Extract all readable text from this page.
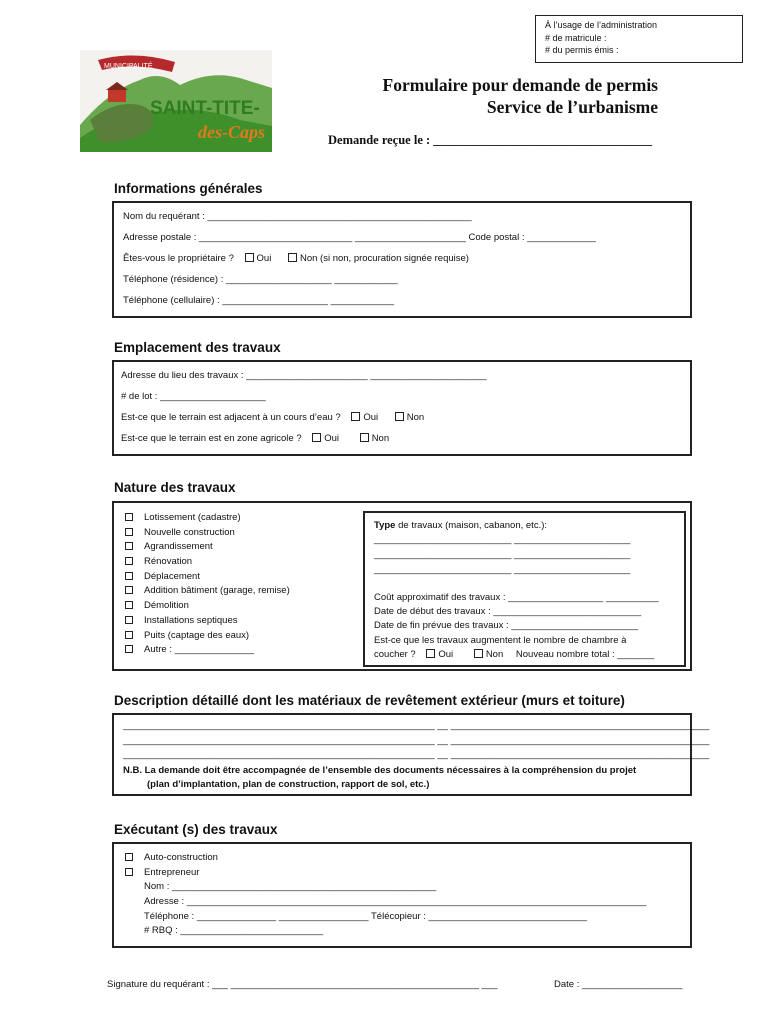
À l’usage de l’administration
# de matricule :
# du permis émis :
MUNICIPALITÉ
SAINT-TITE-
des-Caps
Formulaire pour demande de permis
Service de l’urbanisme
Demande reçue le : ___________________________________
Informations générales
Nom du requérant : __________________________________________________
Adresse postale : _____________________________ _____________________ Code postal : _____________
Êtes-vous le propriétaire ? Oui	Non (si non, procuration signée requise)
Téléphone (résidence) : ____________________ ____________
Téléphone (cellulaire) : ____________________ ____________
Emplacement des travaux
Adresse du lieu des travaux : _______________________ ______________________
# de lot : ____________________
Est-ce que le terrain est adjacent à un cours d’eau ? Oui	Non
Est-ce que le terrain est en zone agricole ? Oui	Non
Nature des travaux
Lotissement (cadastre)
Nouvelle construction
Agrandissement
Rénovation
Déplacement
Addition bâtiment (garage, remise)
Démolition
Installations septiques
Puits (captage des eaux)
Autre : _______________
Type de travaux (maison, cabanon, etc.):
__________________________ ______________________
__________________________ ______________________
__________________________ ______________________
Coût approximatif des travaux : __________________ __________
Date de début des travaux : ____________________________
Date de fin prévue des travaux : ________________________
Est-ce que les travaux augmentent le nombre de chambre à
coucher ? Oui	Non Nouveau nombre total : _______
Description détaillé dont les matériaux de revêtement extérieur (murs et toiture)
___________________________________________________________ __ _________________________________________________
___________________________________________________________ __ _________________________________________________
___________________________________________________________ __ _________________________________________________
N.B. La demande doit être accompagnée de l’ensemble des documents nécessaires à la compréhension du projet
(plan d’implantation, plan de construction, rapport de sol, etc.)
Exécutant (s) des travaux
Auto-construction
Entrepreneur
Nom : __________________________________________________
Adresse : _______________________________________________________________________________________
Téléphone : _______________ _________________ Télécopieur : ______________________________
# RBQ : ___________________________
Signature du requérant : ___ _______________________________________________ ___	Date : ___________________
